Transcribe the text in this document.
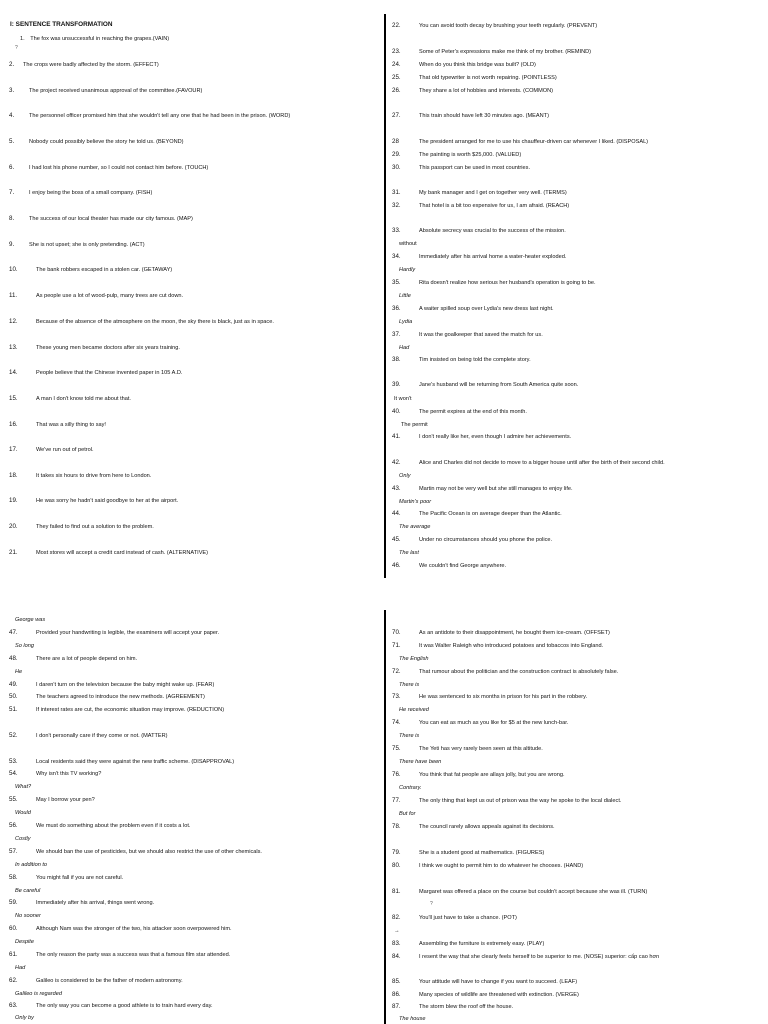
I: SENTENCE TRANSFORMATION
1. The fox was unsuccessful in reaching the grapes.(VAIN)
?
2. The crops were badly affected by the storm. (EFFECT)
3.	The project received unanimous approval of the committee.(FAVOUR)
4.	The personnel officer promised him that she wouldn't tell any one that he had been in the prison. (WORD)
5.	Nobody could possibly believe the story he told us. (BEYOND)
6.	I had lost his phone number, so I could not contact him before. (TOUCH)
7.	I enjoy being the boss of a small company. (FISH)
8.	The success of our local theater has made our city famous. (MAP)
9.	She is not upset; she is only pretending. (ACT)
10.	The bank robbers escaped in a stolen car. (GETAWAY)
11.	As people use a lot of wood-pulp, many trees are cut down.
12.	Because of the absence of the atmosphere on the moon, the sky there is black, just as in space.
13.	These young men became doctors after six years training.
14.	People believe that the Chinese invented paper in 105 A.D.
15.	A man I don't know told me about that.
16.	That was a silly thing to say!
17.	We've run out of petrol.
18.	It takes six hours to drive from here to London.
19.	He was sorry he hadn't said goodbye to her at the airport.
20.	They failed to find out a solution to the problem.
21.	Most stores will accept a credit card instead of cash. (ALTERNATIVE)
22.	You can avoid tooth decay by brushing your teeth regularly. (PREVENT)
23.	Some of Peter's expressions make me think of my brother. (REMIND)
24.	When do you think this bridge was built? (OLD)
25.	That old typewriter is not worth repairing. (POINTLESS)
26.	They share a lot of hobbies and interests. (COMMON)
27.	This train should have left 30 minutes ago. (MEANT)
28	The president arranged for me to use his chauffeur-driven car whenever I liked. (DISPOSAL)
29.	The painting is worth $25,000. (VALUED)
30.	This passport can be used in most countries.
31.	My bank manager and I get on together very well. (TERMS)
32.	That hotel is a bit too expensive for us, I am afraid. (REACH)
33.	Absolute secrecy was crucial to the success of the mission.
without
34.	Immediately after his arrival home a water-heater exploded.
Hardly
35.	Rita doesn't realize how serious her husband's operation is going to be.
Little
36.	A waiter spilled soup over Lydia's new dress last night.
Lydia
37.	It was the goalkeeper that saved the match for us.
Had
38.	Tim insisted on being told the complete story.
39.	Jane's husband will be returning from South America quite soon.
It won't
40.	The permit expires at the end of this month.
The permit
41.	I don't really like her, even though I admire her achievements.
42.	Alice and Charles did not decide to move to a bigger house until after the birth of their second child.
Only
43.	Martin may not be very well but she still manages to enjoy life.
Martin's poor
44.	The Pacific Ocean is on average deeper than the Atlantic.
The average
45.	Under no circumstances should you phone the police.
The last
46.	We couldn't find George anywhere.
George was
47.	Provided your handwriting is legible, the examiners will accept your paper.
So long
48.	There are a lot of people depend on him.
He
49.	I daren't turn on the television because the baby might wake up. (FEAR)
50.	The teachers agreed to introduce the new methods. (AGREEMENT)
51.	If interest rates are cut, the economic situation may improve. (REDUCTION)
52.	I don't personally care if they come or not. (MATTER)
53.	Local residents said they were against the new traffic scheme. (DISAPPROVAL)
54.	Why isn't this TV working?
What?
55.	May I borrow your pen?
Would
56.	We must do something about the problem even if it costs a lot.
Costly
57.	We should ban the use of pesticides, but we should also restrict the use of other chemicals.
In addition to
58.	You might fall if you are not careful.
Be careful
59.	Immediately after his arrival, things went wrong.
No sooner
60.	Although Nam was the stronger of the two, his attacker soon overpowered him.
Despite
61.	The only reason the party was a success was that a famous film star attended.
Had
62.	Galileo is considered to be the father of modern astronomy.
Galileo is regarded
63.	The only way you can become a good athlete is to train hard every day.
Only by
70.	As an antidote to their disappointment, he bought them ice-cream. (OFFSET)
71.	It was Walter Raleigh who introduced potatoes and tobaccos into England.
The English
72.	That rumour about the politician and the construction contract is absolutely false.
There is
73.	He was sentenced to six months in prison for his part in the robbery.
He received
74.	You can eat as much as you like for $5 at the new lunch-bar.
There is
75.	The Yeti has very rarely been seen at this altitude.
There have been
76.	You think that fat people are allays jolly, but you are wrong.
Contrary.
77.	The only thing that kept us out of prison was the way he spoke to the local dialect.
But for
78.	The council rarely allows appeals against its decisions.
79.	She is a student good at mathematics. (FIGURES)
80.	I think we ought to permit him to do whatever he chooses. (HAND)
81.	Margaret was offered a place on the course but couldn't accept because she was ill. (TURN)
?
82.	You'll just have to take a chance. (POT)
→
83.	Assembling the furniture is extremely easy. (PLAY)
84.	I resent the way that she clearly feels herself to be superior to me. (NOSE) superior: cấp cao hơn
85.	Your attitude will have to change if you want to succeed. (LEAF)
86.	Many species of wildlife are threatened with extinction. (VERGE)
87.	The storm blew the roof off the house.
The house
